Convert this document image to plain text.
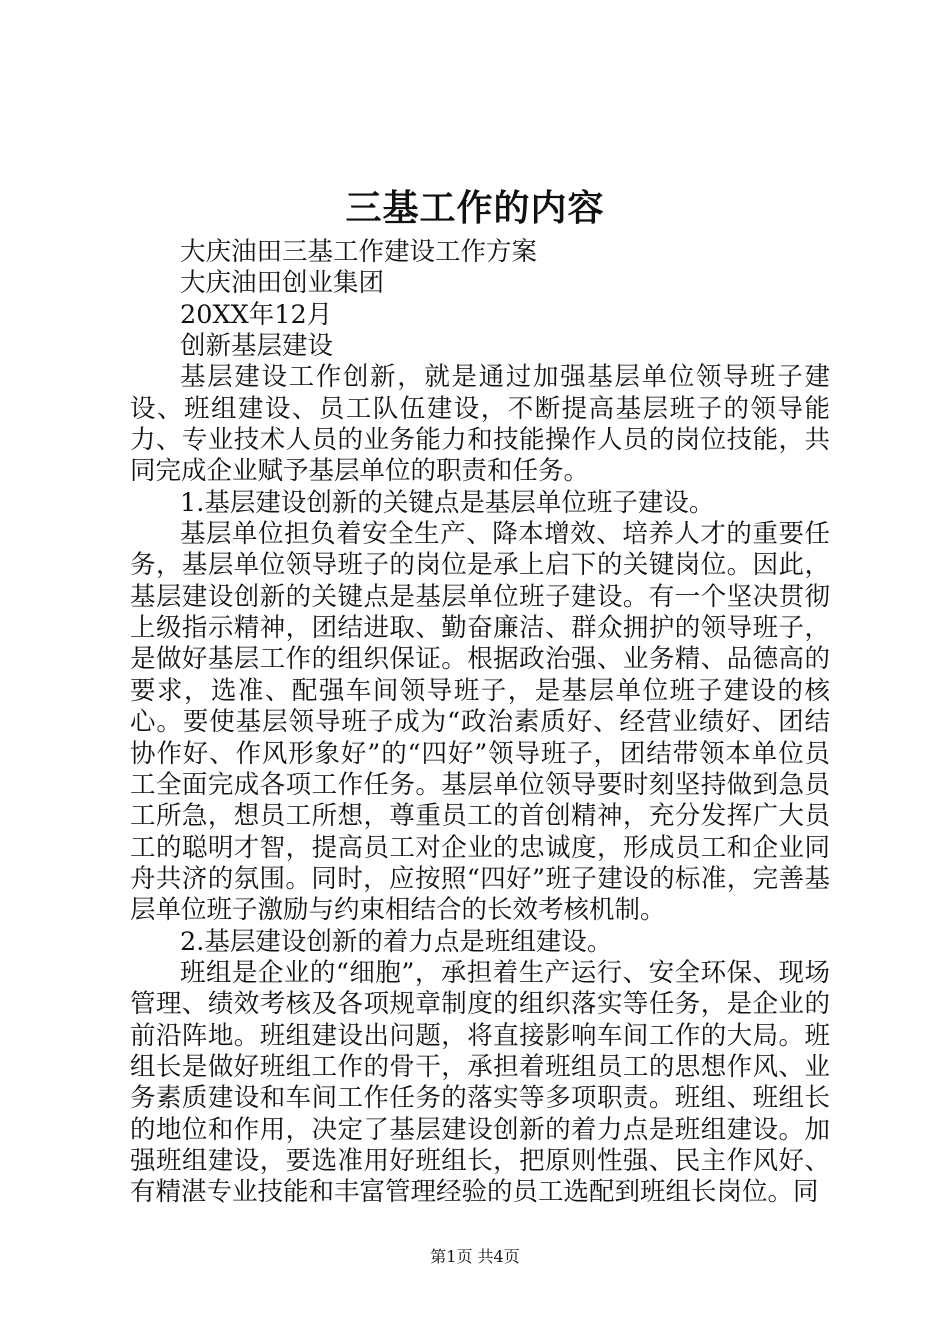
三基工作的内容
大庆油田三基工作建设工作方案
大庆油田创业集团
20XX年12月
创新基层建设

基层建设工作创新，就是通过加强基层单位领导班子建设、班组建设、员工队伍建设，不断提高基层班子的领导能力、专业技术人员的业务能力和技能操作人员的岗位技能，共同完成企业赋予基层单位的职责和任务。

1.基层建设创新的关键点是基层单位班子建设。

基层单位担负着安全生产、降本增效、培养人才的重要任务，基层单位领导班子的岗位是承上启下的关键岗位。因此，基层建设创新的关键点是基层单位班子建设。有一个坚决贯彻上级指示精神，团结进取、勤奋廉洁、群众拥护的领导班子，是做好基层工作的组织保证。根据政治强、业务精、品德高的要求，选准、配强车间领导班子，是基层单位班子建设的核心。要使基层领导班子成为“政治素质好、经营业绩好、团结协作好、作风形象好”的“四好”领导班子，团结带领本单位员工全面完成各项工作任务。基层单位领导要时刻坚持做到急员工所急，想员工所想，尊重员工的首创精神，充分发挥广大员工的聪明才智，提高员工对企业的忠诚度，形成员工和企业同舟共济的氛围。同时，应按照“四好”班子建设的标准，完善基层单位班子激励与约束相结合的长效考核机制。

2.基层建设创新的着力点是班组建设。

班组是企业的“细胞”，承担着生产运行、安全环保、现场管理、绩效考核及各项规章制度的组织落实等任务，是企业的前沿阵地。班组建设出问题，将直接影响车间工作的大局。班组长是做好班组工作的骨干，承担着班组员工的思想作风、业务素质建设和车间工作任务的落实等多项职责。班组、班组长的地位和作用，决定了基层建设创新的着力点是班组建设。加强班组建设，要选准用好班组长，把原则性强、民主作风好、有精湛专业技能和丰富管理经验的员工选配到班组长岗位。同

第1页 共4页
